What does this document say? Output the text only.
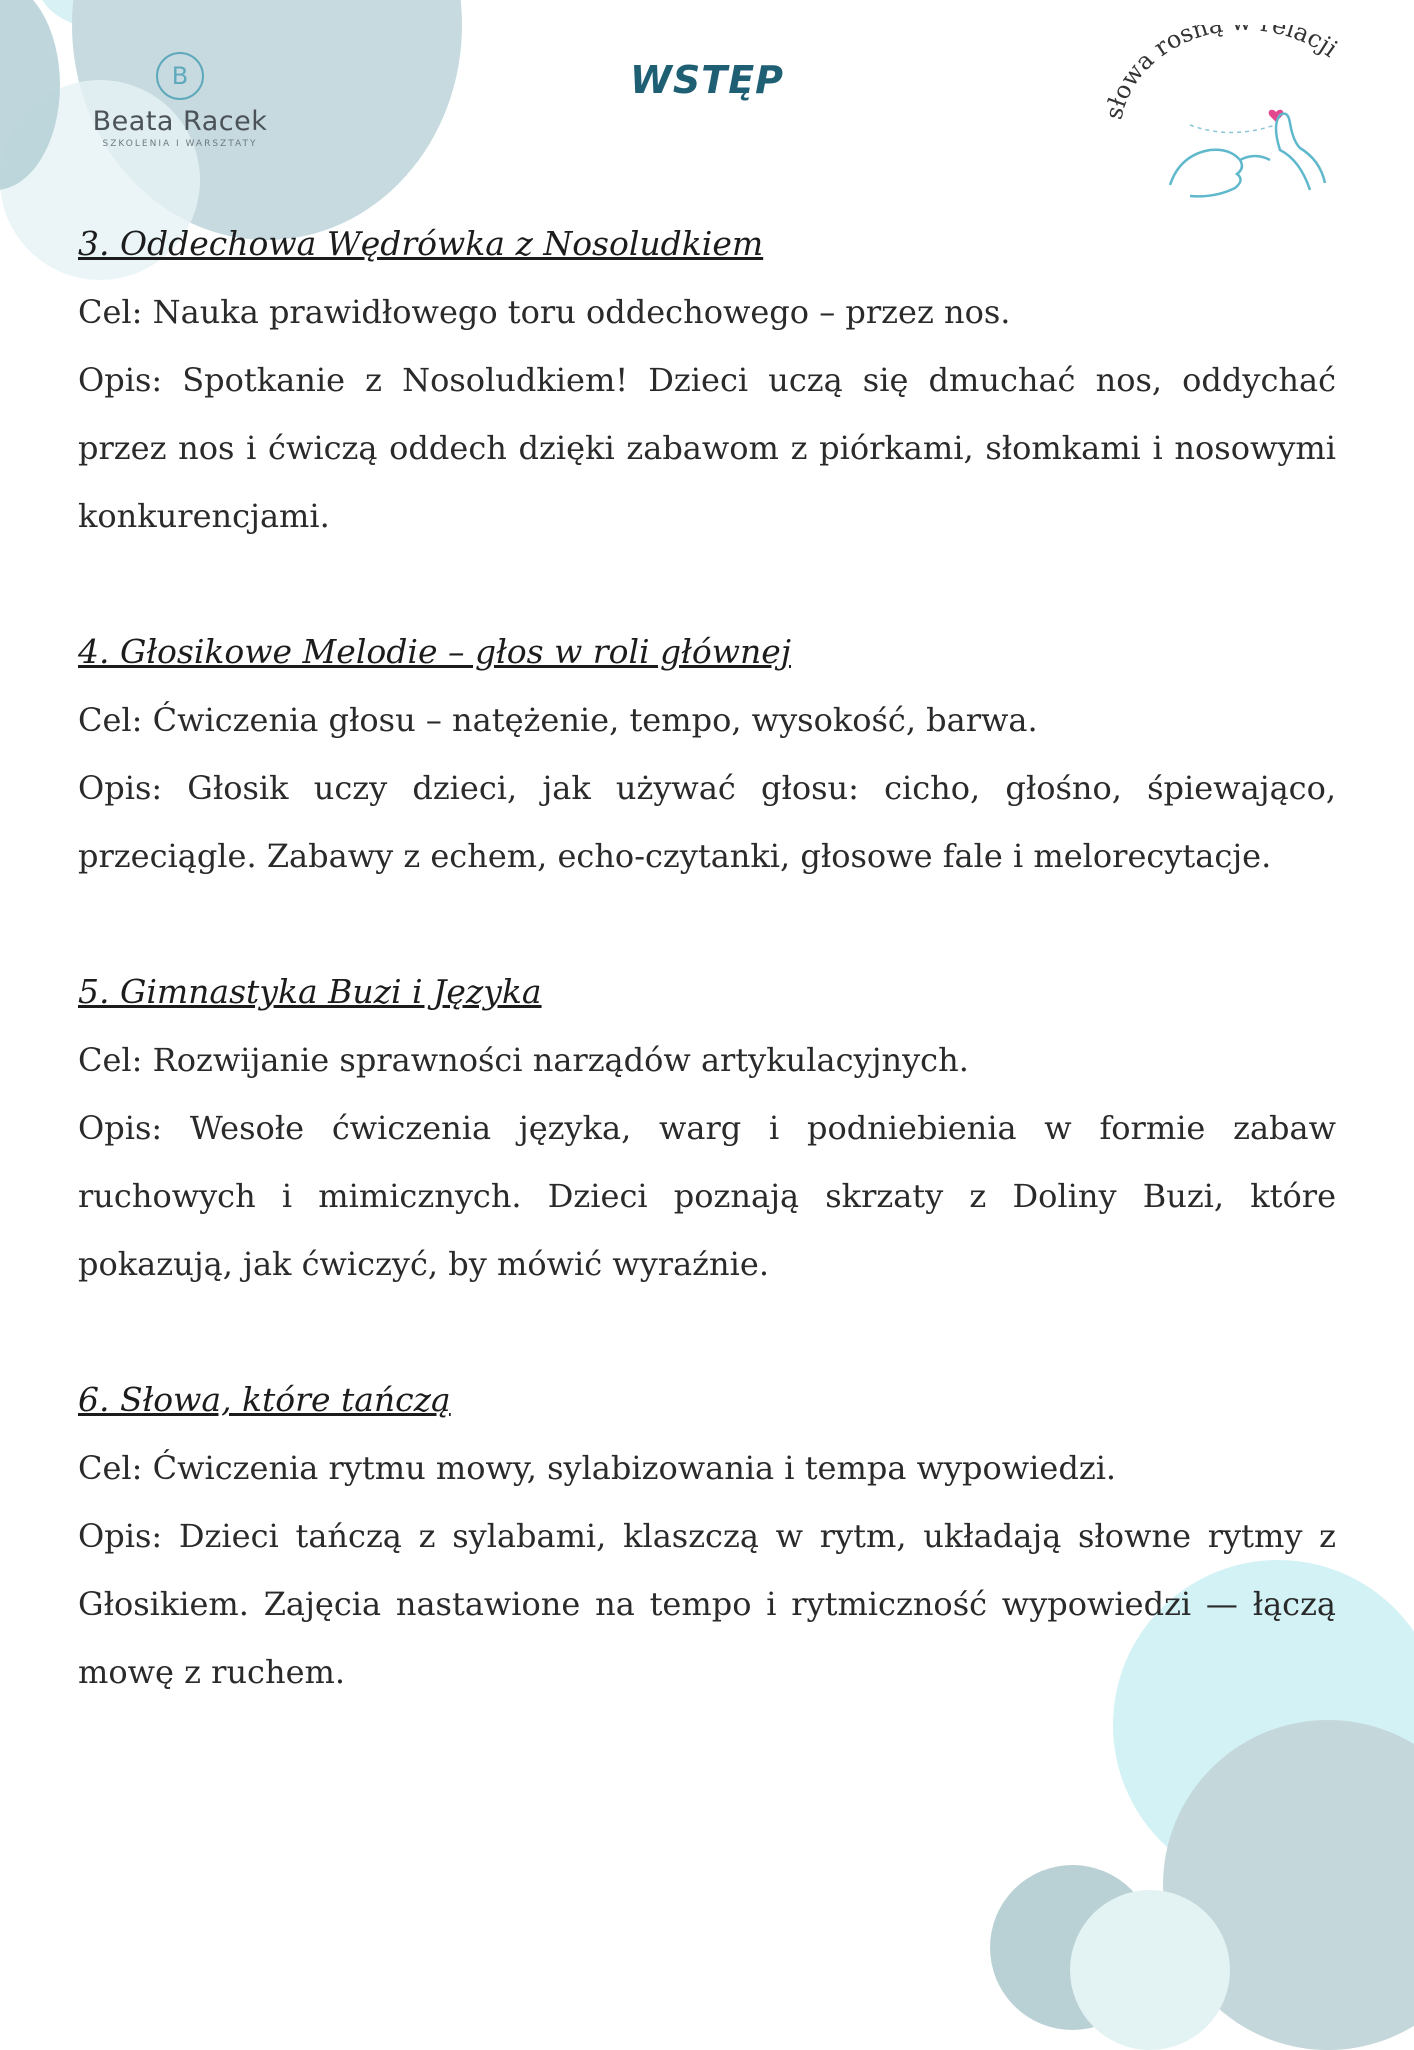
B
Beata Racek
SZKOLENIA I WARSZTATY
WSTĘP
słowa rosn elacji

3. Oddechowa Wędrówka z Nosoludkiem

Cel: Nauka prawidłowego toru oddechowego – przez nos.

Opis: Spotkanie z Nosoludkiem! Dzieci uczą się dmuchać nos, oddychać przez nos i ćwiczą oddech dzięki zabawom z piórkami, słomkami i nosowymi konkurencjami.

4. Głosikowe Melodie – głos w roli głównej

Cel: Ćwiczenia głosu – natężenie, tempo, wysokość, barwa.

Opis: Głosik uczy dzieci, jak używać głosu: cicho, głośno, śpiewająco, przeciągle. Zabawy z echem, echo-czytanki, głosowe fale i melorecytacje.

5. Gimnastyka Buzi i Języka

Cel: Rozwijanie sprawności narządów artykulacyjnych.

Opis: Wesołe ćwiczenia języka, warg i podniebienia w formie zabaw ruchowych i mimicznych. Dzieci poznają skrzaty z Doliny Buzi, które pokazują, jak ćwiczyć, by mówić wyraźnie.

6. Słowa, które tańczą

Cel: Ćwiczenia rytmu mowy, sylabizowania i tempa wypowiedzi.

Opis: Dzieci tańczą z sylabami, klaszczą w rytm, układają słowne rytmy z Głosikiem. Zajęcia nastawione na tempo i rytmiczność wypowiedzi — łączą mowę z ruchem.
